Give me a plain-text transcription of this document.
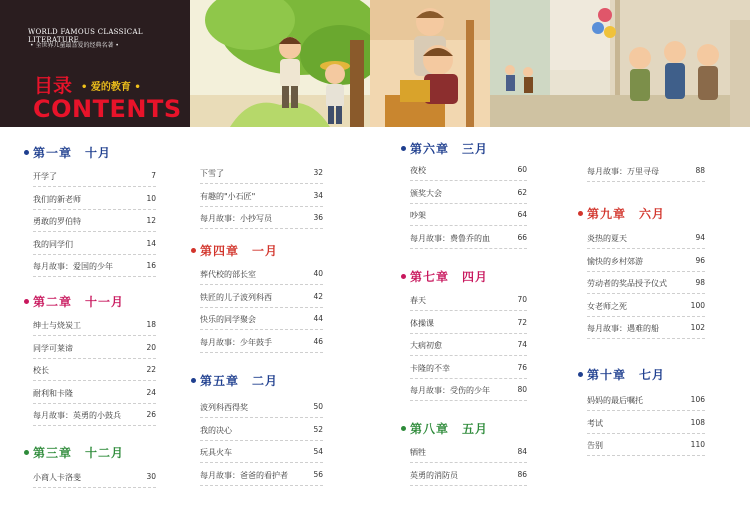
WORLD FAMOUS CLASSICAL LITERATURE
• 全世界儿童最喜爱的经典名著 •
目录 • 爱的教育 •
CONTENTS
第一章　十月
开学了	7
我们的新老师	10
勇敢的罗伯特	12
我的同学们	14
每月故事：爱国的少年	16
第二章　十一月
绅士与烧炭工	18
同学可莱谛	20
校长	22
耐利和卡隆	24
每月故事：英勇的小鼓兵	26
第三章　十二月
小商人卡洛斐	30
下雪了	32
有趣的"小石匠"	34
每月故事：小抄写员	36
第四章　一月
葬代校的部长室	40
铁匠的儿子波列科西	42
快乐的同学聚会	44
每月故事：少年鼓手	46
第五章　二月
波列科西得奖	50
我的决心	52
玩具火车	54
每月故事：爸爸的看护者	56
第六章　三月
夜校	60
颁奖大会	62
吵架	64
每月故事：费鲁乔的血	66
第七章　四月
春天	70
体操课	72
大病初愈	74
卡隆的不幸	76
每月故事：受伤的少年	80
第八章　五月
牺牲	84
英勇的消防员	86
每月故事：万里寻母	88
第九章　六月
炎热的夏天	94
愉快的乡村郊游	96
劳动者的奖品授予仪式	98
女老师之死	100
每月故事：遇难的船	102
第十章　七月
妈妈的最后嘱托	106
考试	108
告别	110
